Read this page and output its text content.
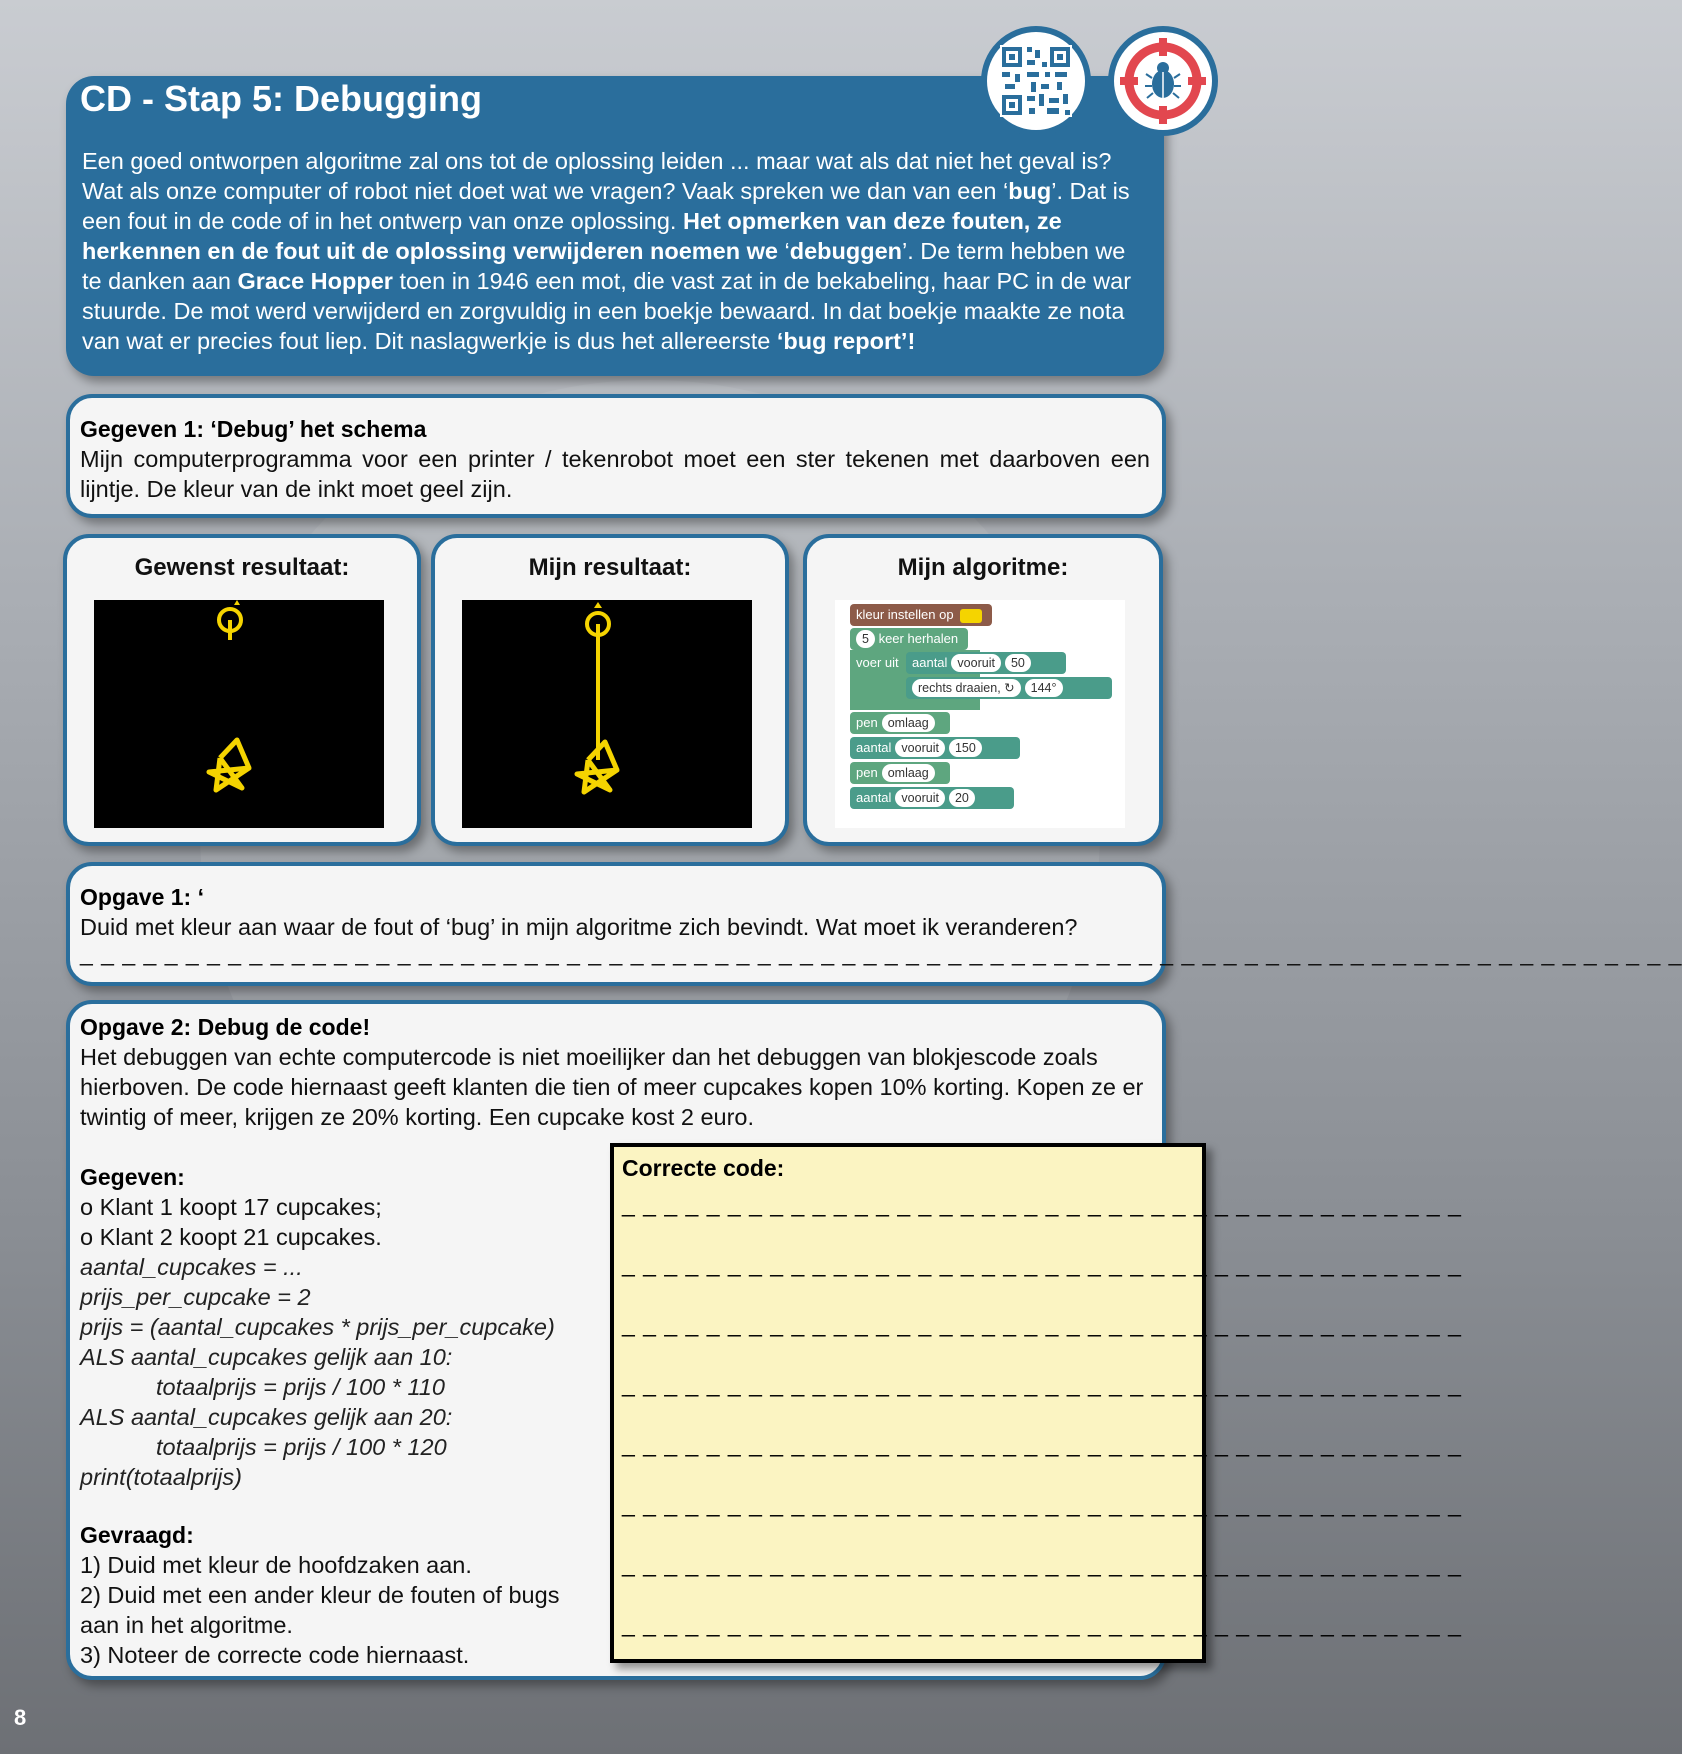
CD - Stap 5: Debugging
Een goed ontworpen algoritme zal ons tot de oplossing leiden ... maar wat als dat niet het geval is? Wat als onze computer of robot niet doet wat we vragen? Vaak spreken we dan van een ‘bug’. Dat is een fout in de code of in het ontwerp van onze oplossing. Het opmerken van deze fouten, ze herkennen en de fout uit de oplossing verwijderen noemen we ‘debuggen’. De term hebben we te danken aan Grace Hopper toen in 1946 een mot, die vast zat in de bekabeling, haar PC in de war stuurde. De mot werd verwijderd en zorgvuldig in een boekje bewaard. In dat boekje maakte ze nota van wat er precies fout liep. Dit naslagwerkje is dus het allereerste ‘bug report’!
Gegeven 1: ‘Debug’ het schema
Mijn computerprogramma voor een printer / tekenrobot moet een ster tekenen met daarboven een lijntje. De kleur van de inkt moet geel zijn.
Gewenst resultaat:	Mijn resultaat:	Mijn algoritme:
kleur instellen op
5 keer herhalen
voer uit	aantal vooruit 50
rechts draaien, ↻ 144°
pen omlaag
aantal vooruit 150
pen omlaag
aantal vooruit 20
Opgave 1: ‘
Duid met kleur aan waar de fout of ‘bug’ in mijn algoritme zich bevindt. Wat moet ik veranderen?
_ _ _ _ _ _ _ _ _ _ _ _ _ _ _ _ _ _ _ _ _ _ _ _ _ _ _ _ _ _ _ _ _ _ _ _ _ _ _ _ _ _ _ _ _ _ _ _ _ _ _ _ _ _ _ _ _ _ _ _ _ _ _ _ _ _ _ _ _ _ _ _ _ _ _ _
Opgave 2: Debug de code!
Het debuggen van echte computercode is niet moeilijker dan het debuggen van blokjescode zoals hierboven. De code hiernaast geeft klanten die tien of meer cupcakes kopen 10% korting. Kopen ze er twintig of meer, krijgen ze 20% korting. Een cupcake kost 2 euro.
Gegeven:
o Klant 1 koopt 17 cupcakes;
o Klant 2 koopt 21 cupcakes.
aantal_cupcakes = ...
prijs_per_cupcake = 2
prijs = (aantal_cupcakes * prijs_per_cupcake)
ALS aantal_cupcakes gelijk aan 10:
totaalprijs = prijs / 100 * 110
ALS aantal_cupcakes gelijk aan 20:
totaalprijs = prijs / 100 * 120
print(totaalprijs)
Gevraagd:
1) Duid met kleur de hoofdzaken aan.
2) Duid met een ander kleur de fouten of bugs aan in het algoritme.
3) Noteer de correcte code hiernaast.
Correcte code:
_ _ _ _ _ _ _ _ _ _ _ _ _ _ _ _ _ _ _ _ _ _ _ _ _ _ _ _ _ _ _ _ _ _ _ _ _ _ _ _
_ _ _ _ _ _ _ _ _ _ _ _ _ _ _ _ _ _ _ _ _ _ _ _ _ _ _ _ _ _ _ _ _ _ _ _ _ _ _ _
_ _ _ _ _ _ _ _ _ _ _ _ _ _ _ _ _ _ _ _ _ _ _ _ _ _ _ _ _ _ _ _ _ _ _ _ _ _ _ _
_ _ _ _ _ _ _ _ _ _ _ _ _ _ _ _ _ _ _ _ _ _ _ _ _ _ _ _ _ _ _ _ _ _ _ _ _ _ _ _
_ _ _ _ _ _ _ _ _ _ _ _ _ _ _ _ _ _ _ _ _ _ _ _ _ _ _ _ _ _ _ _ _ _ _ _ _ _ _ _
_ _ _ _ _ _ _ _ _ _ _ _ _ _ _ _ _ _ _ _ _ _ _ _ _ _ _ _ _ _ _ _ _ _ _ _ _ _ _ _
_ _ _ _ _ _ _ _ _ _ _ _ _ _ _ _ _ _ _ _ _ _ _ _ _ _ _ _ _ _ _ _ _ _ _ _ _ _ _ _
_ _ _ _ _ _ _ _ _ _ _ _ _ _ _ _ _ _ _ _ _ _ _ _ _ _ _ _ _ _ _ _ _ _ _ _ _ _ _ _
8
